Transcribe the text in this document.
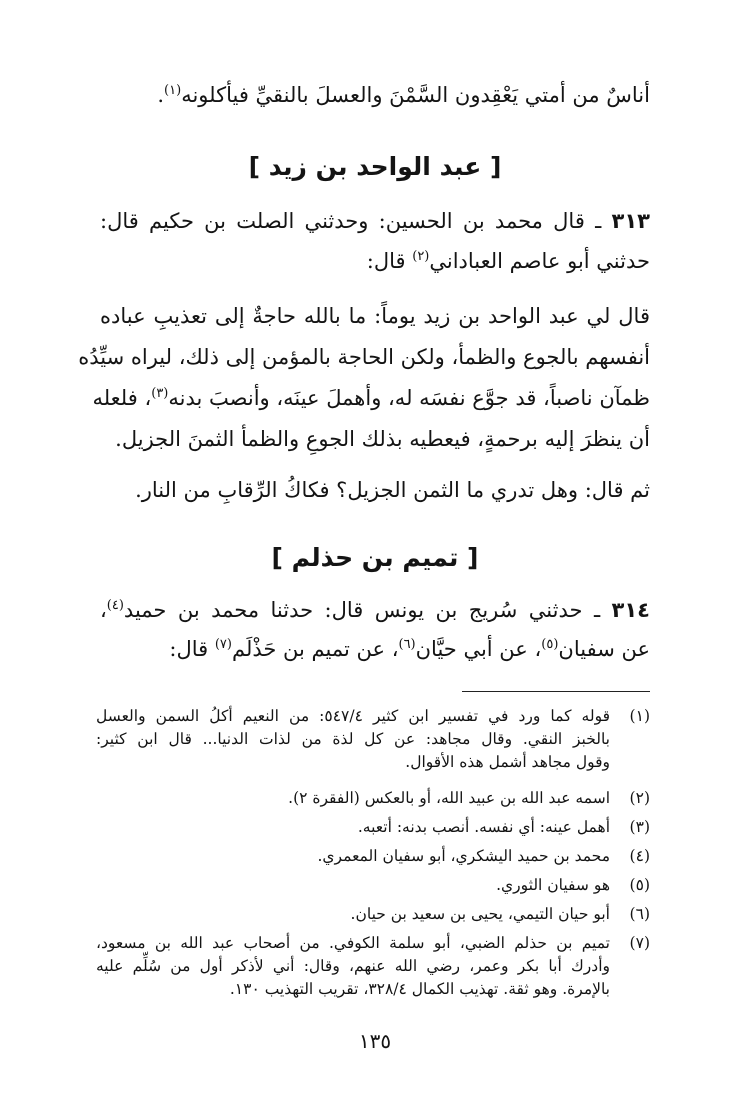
أناسٌ من أمتي يَعْقِدون السَّمْنَ والعسلَ بالنقيِّ فيأكلونه$^{(١)}$.
[ عبد الواحد بن زيد ]
٣١٣ ـ قال محمد بن الحسين: وحدثني الصلت بن حكيم قال:
حدثني أبو عاصم العباداني$^{(٢)}$ قال:
قال لي عبد الواحد بن زيد يوماً: ما بالله حاجةٌ إلى تعذيبِ عباده
أنفسهم بالجوع والظمأ، ولكن الحاجة بالمؤمن إلى ذلك، ليراه سيِّدُه
ظمآن ناصباً، قد جوَّع نفسَه له، وأهملَ عينَه، وأنصبَ بدنه$^{(٣)}$، فلعله
أن ينظرَ إليه برحمةٍ، فيعطيه بذلك الجوعِ والظمأ الثمنَ الجزيل.
ثم قال: وهل تدري ما الثمن الجزيل؟ فكاكُ الرِّقابِ من النار.
[ تميم بن حذلم ]
٣١٤ ـ حدثني سُريج بن يونس قال: حدثنا محمد بن حميد$^{(٤)}$،
عن سفيان$^{(٥)}$، عن أبي حيَّان$^{(٦)}$، عن تميم بن حَذْلَم$^{(٧)}$ قال:
(١)
قوله كما ورد في تفسير ابن كثير ٥٤٧/٤: من النعيم أكلُ السمن والعسل
بالخبز النقي. وقال مجاهد: عن كل لذة من لذات الدنيا... قال ابن كثير:
وقول مجاهد أشمل هذه الأقوال.
(٢)
اسمه عبد الله بن عبيد الله، أو بالعكس (الفقرة ٢).
(٣)
أهمل عينه: أي نفسه. أنصب بدنه: أتعبه.
(٤)
محمد بن حميد اليشكري، أبو سفيان المعمري.
(٥)
هو سفيان الثوري.
(٦)
أبو حيان التيمي، يحيى بن سعيد بن حيان.
(٧)
تميم بن حذلم الضبي، أبو سلمة الكوفي. من أصحاب عبد الله بن مسعود،
وأدرك أبا بكر وعمر، رضي الله عنهم، وقال: أني لأذكر أول من سُلِّم عليه
بالإمرة. وهو ثقة. تهذيب الكمال ٣٢٨/٤، تقريب التهذيب ١٣٠.
١٣٥
